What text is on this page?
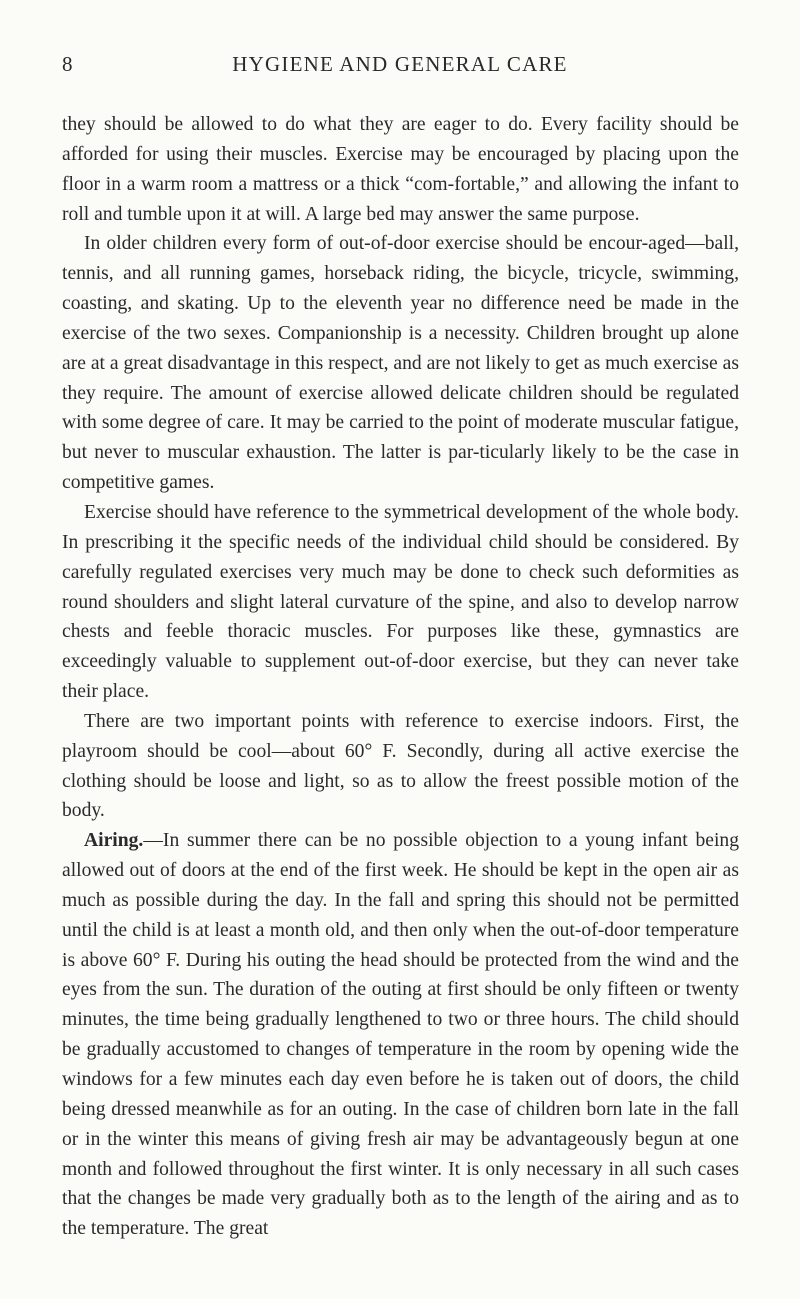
8	HYGIENE AND GENERAL CARE

they should be allowed to do what they are eager to do. Every facility should be afforded for using their muscles. Exercise may be encouraged by placing upon the floor in a warm room a mattress or a thick “com-fortable,” and allowing the infant to roll and tumble upon it at will. A large bed may answer the same purpose.

In older children every form of out-of-door exercise should be encour-aged—ball, tennis, and all running games, horseback riding, the bicycle, tricycle, swimming, coasting, and skating. Up to the eleventh year no difference need be made in the exercise of the two sexes. Companionship is a necessity. Children brought up alone are at a great disadvantage in this respect, and are not likely to get as much exercise as they require. The amount of exercise allowed delicate children should be regulated with some degree of care. It may be carried to the point of moderate muscular fatigue, but never to muscular exhaustion. The latter is par-ticularly likely to be the case in competitive games.

Exercise should have reference to the symmetrical development of the whole body. In prescribing it the specific needs of the individual child should be considered. By carefully regulated exercises very much may be done to check such deformities as round shoulders and slight lateral curvature of the spine, and also to develop narrow chests and feeble thoracic muscles. For purposes like these, gymnastics are exceedingly valuable to supplement out-of-door exercise, but they can never take their place.

There are two important points with reference to exercise indoors. First, the playroom should be cool—about 60° F. Secondly, during all active exercise the clothing should be loose and light, so as to allow the freest possible motion of the body.

Airing.—In summer there can be no possible objection to a young infant being allowed out of doors at the end of the first week. He should be kept in the open air as much as possible during the day. In the fall and spring this should not be permitted until the child is at least a month old, and then only when the out-of-door temperature is above 60° F. During his outing the head should be protected from the wind and the eyes from the sun. The duration of the outing at first should be only fifteen or twenty minutes, the time being gradually lengthened to two or three hours. The child should be gradually accustomed to changes of temperature in the room by opening wide the windows for a few minutes each day even before he is taken out of doors, the child being dressed meanwhile as for an outing. In the case of children born late in the fall or in the winter this means of giving fresh air may be advantageously begun at one month and followed throughout the first winter. It is only necessary in all such cases that the changes be made very gradually both as to the length of the airing and as to the temperature. The great
